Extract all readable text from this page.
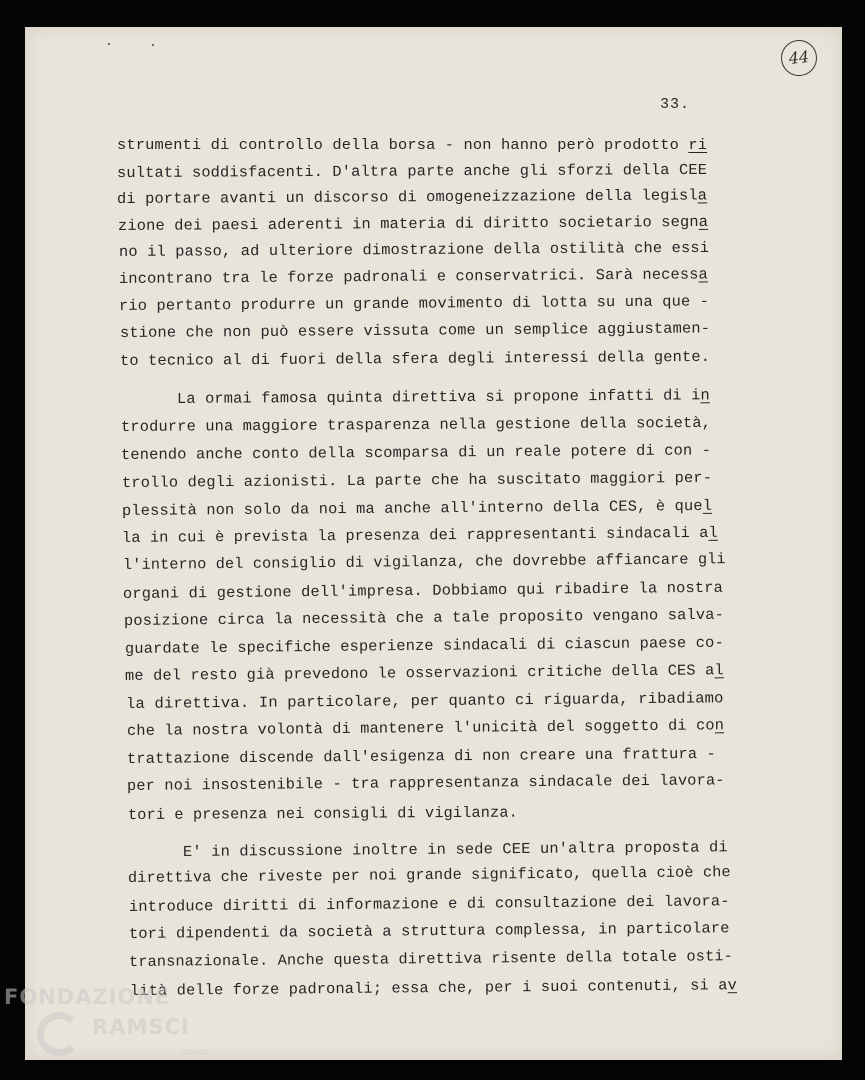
44
33.
strumenti di controllo della borsa - non hanno però prodotto ri
sultati soddisfacenti. D'altra parte anche gli sforzi della CEE
di portare avanti un discorso di omogeneizzazione della legisla
zione dei paesi aderenti in materia di diritto societario segna
no il passo, ad ulteriore dimostrazione della ostilità che essi
incontrano tra le forze padronali e conservatrici. Sarà necessa
rio pertanto produrre un grande movimento di lotta su una que -
stione che non può essere vissuta come un semplice aggiustamen-
to tecnico al di fuori della sfera degli interessi della gente.
La ormai famosa quinta direttiva si propone infatti di in
trodurre una maggiore trasparenza nella gestione della società,
tenendo anche conto della scomparsa di un reale potere di con -
trollo degli azionisti. La parte che ha suscitato maggiori per-
plessità non solo da noi ma anche all'interno della CES, è quel
la in cui è prevista la presenza dei rappresentanti sindacali al
l'interno del consiglio di vigilanza, che dovrebbe affiancare gli
organi di gestione dell'impresa. Dobbiamo qui ribadire la nostra
posizione circa la necessità che a tale proposito vengano salva-
guardate le specifiche esperienze sindacali di ciascun paese co-
me del resto già prevedono le osservazioni critiche della CES al
la direttiva. In particolare, per quanto ci riguarda, ribadiamo
che la nostra volontà di mantenere l'unicità del soggetto di con
trattazione discende dall'esigenza di non creare una frattura -
per noi insostenibile - tra rappresentanza sindacale dei lavora-
tori e presenza nei consigli di vigilanza.
E' in discussione inoltre in sede CEE un'altra proposta di
direttiva che riveste per noi grande significato, quella cioè che
introduce diritti di informazione e di consultazione dei lavora-
tori dipendenti da società a struttura complessa, in particolare
transnazionale. Anche questa direttiva risente della totale osti-
lità delle forze padronali; essa che, per i suoi contenuti, si av
FONDAZIONE
RAMSCI
onlus
